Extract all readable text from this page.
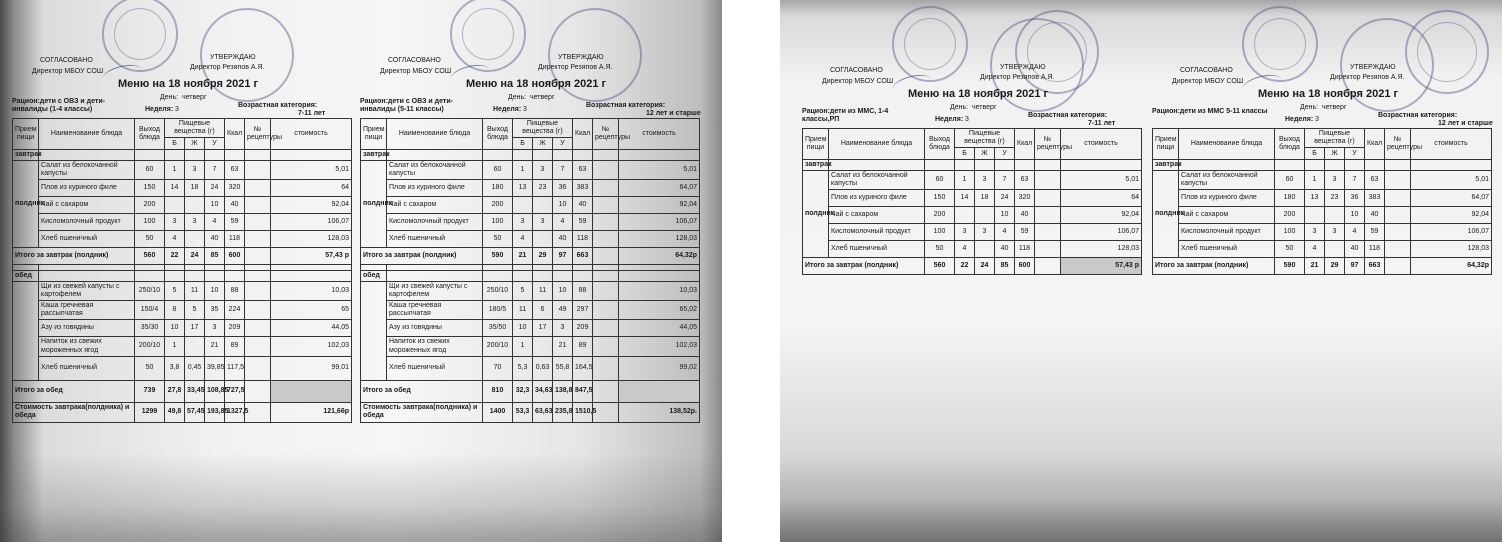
СОГЛАСОВАНО	УТВЕРЖДАЮ
Директор МБОУ СОШ
Директор Резяпов А.Я.
Меню на 18 ноября 2021 г
День: четверг
Рацион:дети с ОВЗ и дети-инвалиды (1-4 классы)	Неделя: 3
Возрастная категория:
7-11 лет
Прием пищи	Наименование блюда	Выход блюда	Пищевые вещества (г)			Ккал	№ рецептуры	стоимость
			Б	Ж	У			
завтрак								
полдник	Салат из белокочанной капусты	60	1	3	7	63		5,01
	Плов из куриного филе	150	14	18	24	320		64
	Чай с сахаром	200			10	40		92,04
	Кисломолочный продукт	100	3	3	4	59		106,07
	Хлеб пшеничный	50	4		40	118		128,03
Итого за завтрак (полдник)		560	22	24	85	600		57,43 р

обед								
	Щи из свежей капусты с картофелем	250/10	5	11	10	88		10,03
	Каша гречневая рассыпчатая	150/4	8	5	35	224		65
	Азу из говядины	35/30	10	17	3	209		44,05
	Напиток из свежих мороженных ягод	200/10	1		21	89		102,03
	Хлеб пшеничный	50	3,8	0,45	39,85	117,5		99,01
Итого за обед		739	27,8	33,45	108,85	727,5		
Стоимость завтрака(полдника) и обеда		1299	49,8	57,45	193,85	1327,5		121,66р
СОГЛАСОВАНО	УТВЕРЖДАЮ
Директор МБОУ СОШ
Директор Резяпов А.Я.
Меню на 18 ноября 2021 г
День: четверг
Рацион:дети с ОВЗ и дети-инвалиды (5-11 классы)	Неделя: 3
Возрастная категория:
12 лет и старше
Прием пищи	Наименование блюда	Выход блюда	Пищевые вещества (г)			Ккал	№ рецептуры	стоимость
			Б	Ж	У			
завтрак								
полдник	Салат из белокочанной капусты	60	1	3	7	63		5,01
	Плов из куриного филе	180	13	23	36	383		64,07
	Чай с сахаром	200			10	40		92,04
	Кисломолочный продукт	100	3	3	4	59		106,07
	Хлеб пшеничный	50	4		40	118		128,03
Итого за завтрак (полдник)		590	21	29	97	663		64,32р

обед								
	Щи из свежей капусты с картофелем	250/10	5	11	10	88		10,03
	Каша гречневая рассыпчатая	180/5	11	6	49	297		65,02
	Азу из говядины	35/50	10	17	3	209		44,05
	Напиток из свежих мороженных ягод	200/10	1		21	89		102,03
	Хлеб пшеничный	70	5,3	0,63	55,8	164,5		99,02
Итого за обед		810	32,3	34,63	138,8	847,5		
Стоимость завтрака(полдника) и обеда		1400	53,3	63,63	235,8	1510,5		138,52р.
СОГЛАСОВАНО	УТВЕРЖДАЮ
Директор МБОУ СОШ
Директор Резяпов А.Я.
Меню на 18 ноября 2021 г
День: четверг
Рацион:дети из ММС, 1-4 классы,РП	Неделя: 3
Возрастная категория:
7-11 лет
Прием пищи	Наименование блюда	Выход блюда	Пищевые вещества (г)			Ккал	№ рецептуры	стоимость
			Б	Ж	У			
завтрак								
полдник	Салат из белокочанной капусты	60	1	3	7	63		5,01
	Плов из куриного филе	150	14	18	24	320		64
	Чай с сахаром	200			10	40		92,04
	Кисломолочный продукт	100	3	3	4	59		106,07
	Хлеб пшеничный	50	4		40	118		128,03
Итого за завтрак (полдник)		560	22	24	85	600		57,43 р
СОГЛАСОВАНО	УТВЕРЖДАЮ
Директор МБОУ СОШ
Директор Резяпов А.Я.
Меню на 18 ноября 2021 г
День: четверг
Рацион:дети из ММС 5-11 классы
Неделя: 3
Возрастная категория:
12 лет и старше
Прием пищи	Наименование блюда	Выход блюда	Пищевые вещества (г)			Ккал	№ рецептуры	стоимость
			Б	Ж	У			
завтрак								
полдник	Салат из белокочанной капусты	60	1	3	7	63		5,01
	Плов из куриного филе	180	13	23	36	383		64,07
	Чай с сахаром	200			10	40		92,04
	Кисломолочный продукт	100	3	3	4	59		106,07
	Хлеб пшеничный	50	4		40	118		128,03
Итого за завтрак (полдник)		590	21	29	97	663		64,32р
